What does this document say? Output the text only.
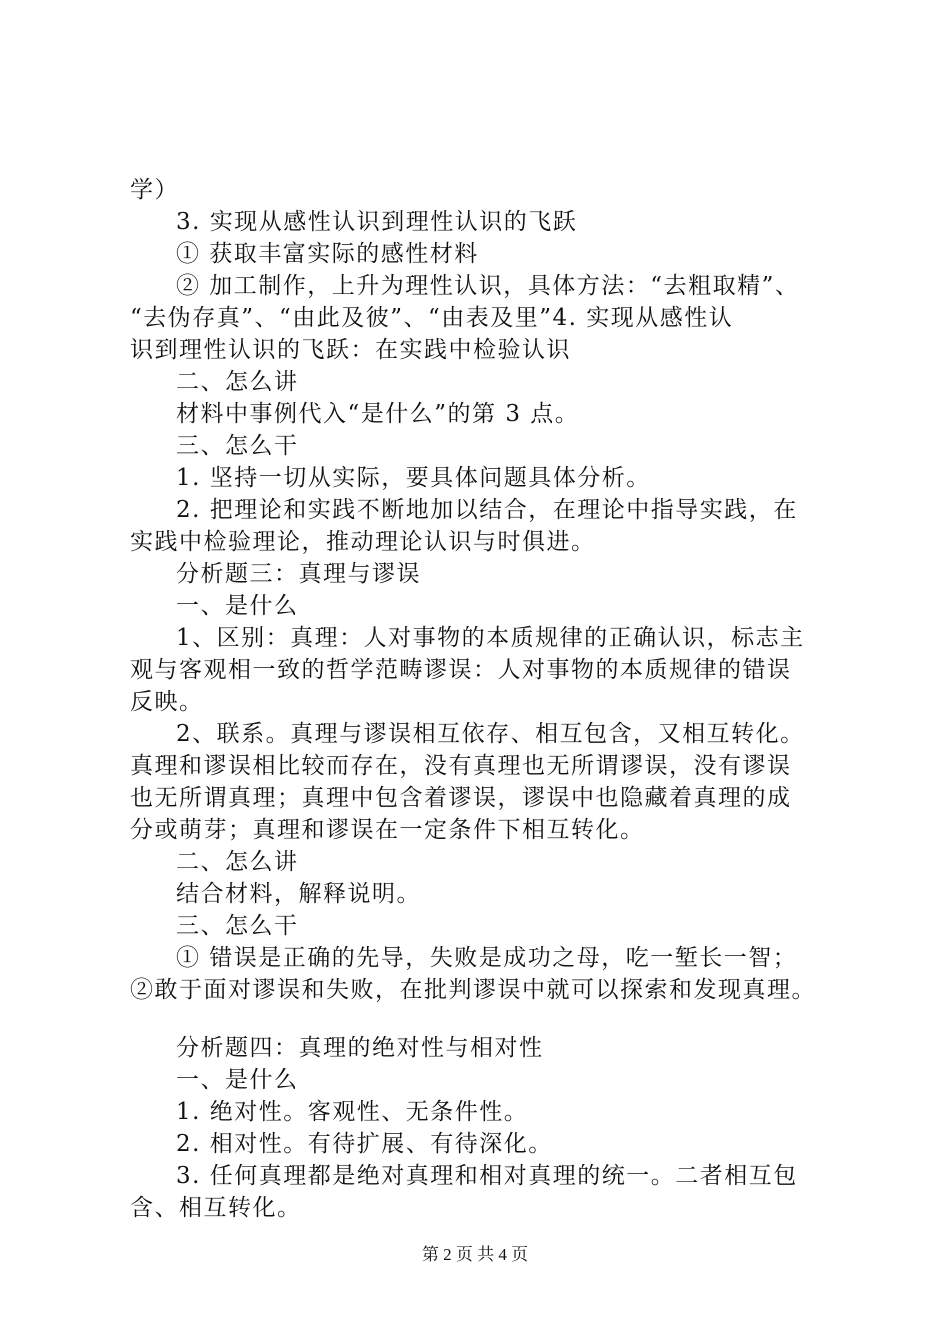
学）
3. 实现从感性认识到理性认识的飞跃
① 获取丰富实际的感性材料
② 加工制作，上升为理性认识，具体方法：“去粗取精”、
“去伪存真”、“由此及彼”、“由表及里”4. 实现从感性认
识到理性认识的飞跃：在实践中检验认识
二、怎么讲
材料中事例代入“是什么”的第 3 点。
三、怎么干
1. 坚持一切从实际，要具体问题具体分析。
2. 把理论和实践不断地加以结合，在理论中指导实践，在
实践中检验理论，推动理论认识与时俱进。
分析题三：真理与谬误
一、是什么
1、区别：真理：人对事物的本质规律的正确认识，标志主
观与客观相一致的哲学范畴谬误：人对事物的本质规律的错误
反映。
2、联系。真理与谬误相互依存、相互包含，又相互转化。
真理和谬误相比较而存在，没有真理也无所谓谬误，没有谬误
也无所谓真理；真理中包含着谬误，谬误中也隐藏着真理的成
分或萌芽；真理和谬误在一定条件下相互转化。
二、怎么讲
结合材料，解释说明。
三、怎么干
① 错误是正确的先导，失败是成功之母，吃一堑长一智；
②敢于面对谬误和失败，在批判谬误中就可以探索和发现真理。
分析题四：真理的绝对性与相对性
一、是什么
1. 绝对性。客观性、无条件性。
2. 相对性。有待扩展、有待深化。
3. 任何真理都是绝对真理和相对真理的统一。二者相互包
含、相互转化。
第 2 页 共 4 页
